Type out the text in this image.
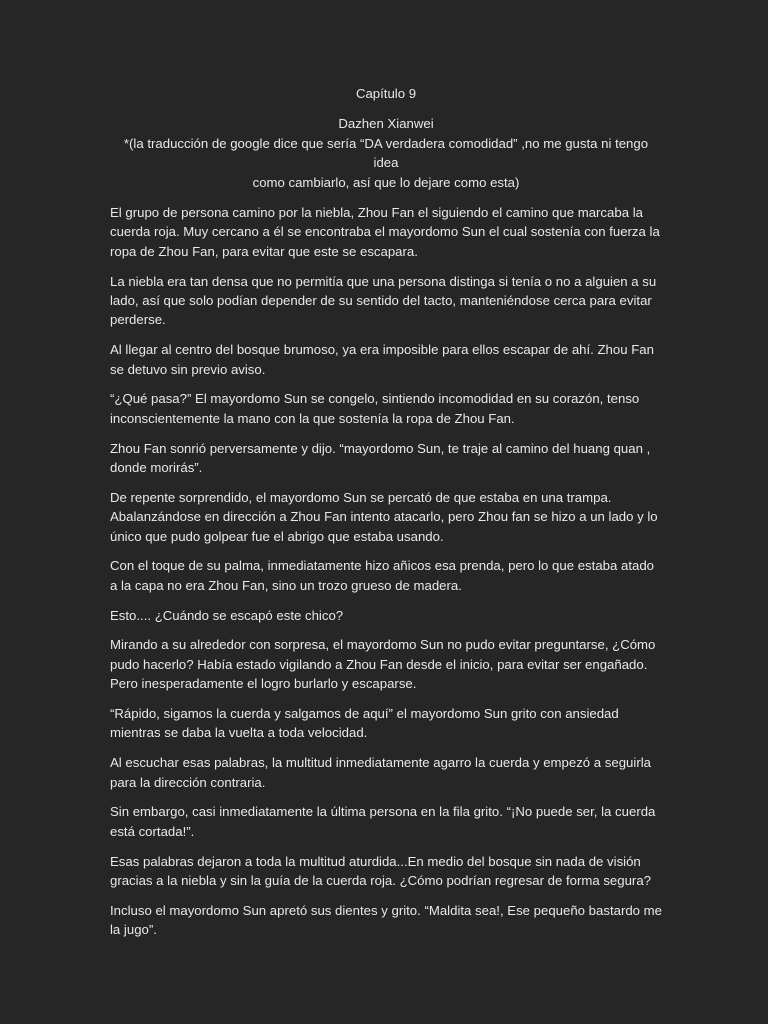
Capítulo 9
Dazhen Xianwei
*(la traducción de google dice que sería “DA verdadera comodidad” ,no me gusta ni tengo idea
como cambiarlo, así que lo dejare como esta)

El grupo de persona camino por la niebla, Zhou Fan el siguiendo el camino que marcaba la cuerda roja. Muy cercano a él se encontraba el mayordomo Sun el cual sostenía con fuerza la ropa de Zhou Fan, para evitar que este se escapara.

La niebla era tan densa que no permitía que una persona distinga si tenía o no a alguien a su lado, así que solo podían depender de su sentido del tacto, manteniéndose cerca para evitar perderse.

Al llegar al centro del bosque brumoso, ya era imposible para ellos escapar de ahí. Zhou Fan se detuvo sin previo aviso.

“¿Qué pasa?” El mayordomo Sun se congelo, sintiendo incomodidad en su corazón, tenso inconscientemente la mano con la que sostenía la ropa de Zhou Fan.

Zhou Fan sonrió perversamente y dijo. “mayordomo Sun, te traje al camino del huang quan , donde morirás”.

De repente sorprendido, el mayordomo Sun se percató de que estaba en una trampa. Abalanzándose en dirección a Zhou Fan intento atacarlo, pero Zhou fan se hizo a un lado y lo único que pudo golpear fue el abrigo que estaba usando.

Con el toque de su palma, inmediatamente hizo añicos esa prenda, pero lo que estaba atado a la capa no era Zhou Fan, sino un trozo grueso de madera.

Esto.... ¿Cuándo se escapó este chico?

Mirando a su alrededor con sorpresa, el mayordomo Sun no pudo evitar preguntarse, ¿Cómo pudo hacerlo? Había estado vigilando a Zhou Fan desde el inicio, para evitar ser engañado. Pero inesperadamente el logro burlarlo y escaparse.

“Rápido, sigamos la cuerda y salgamos de aquí” el mayordomo Sun grito con ansiedad mientras se daba la vuelta a toda velocidad.

Al escuchar esas palabras, la multitud inmediatamente agarro la cuerda y empezó a seguirla para la dirección contraria.

Sin embargo, casi inmediatamente la última persona en la fila grito. “¡No puede ser, la cuerda está cortada!”.

Esas palabras dejaron a toda la multitud aturdida...En medio del bosque sin nada de visión gracias a la niebla y sin la guía de la cuerda roja. ¿Cómo podrían regresar de forma segura?

Incluso el mayordomo Sun apretó sus dientes y grito. “Maldita sea!, Ese pequeño bastardo me la jugo”.
